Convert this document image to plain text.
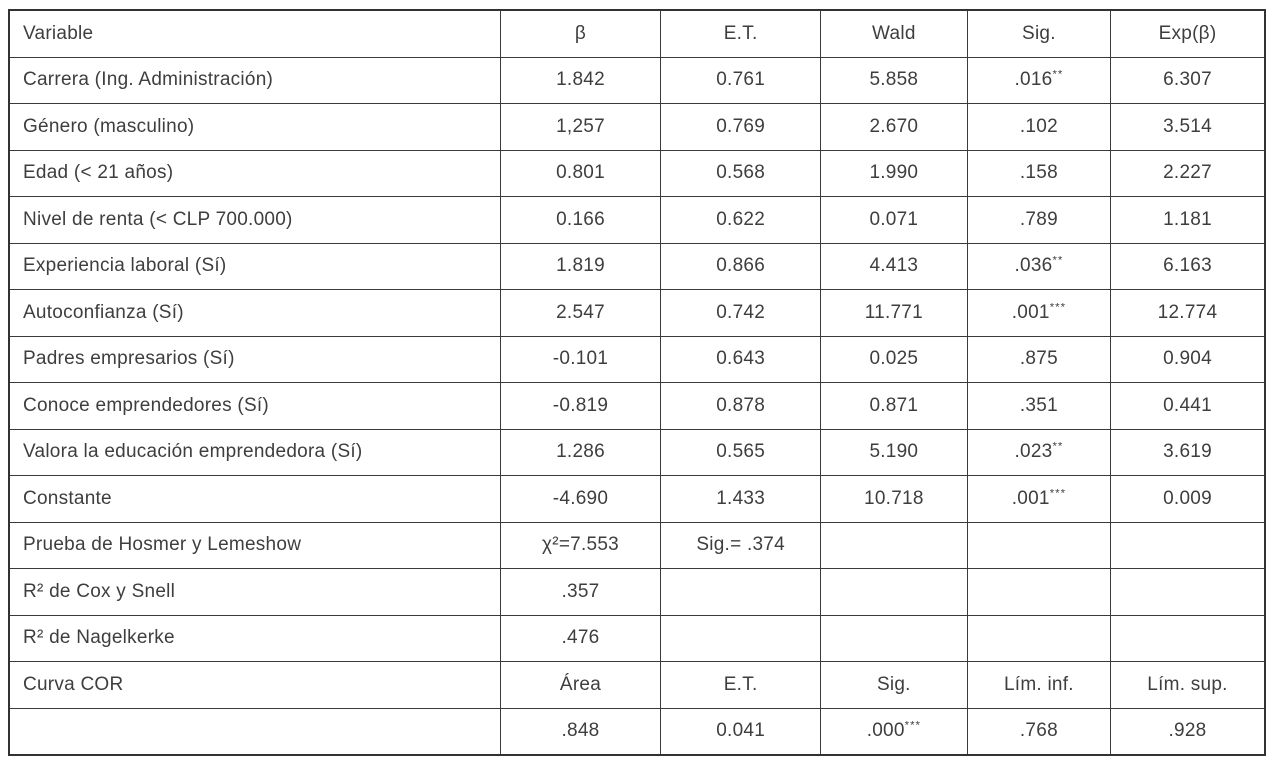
Variable	β	E.T.	Wald	Sig.	Exp(β)
Carrera (Ing. Administración)	1.842	0.761	5.858	.016**	6.307
Género (masculino)	1,257	0.769	2.670	.102	3.514
Edad (< 21 años)	0.801	0.568	1.990	.158	2.227
Nivel de renta (< CLP 700.000)	0.166	0.622	0.071	.789	1.181
Experiencia laboral (Sí)	1.819	0.866	4.413	.036**	6.163
Autoconfianza (Sí)	2.547	0.742	11.771	.001***	12.774
Padres empresarios (Sí)	-0.101	0.643	0.025	.875	0.904
Conoce emprendedores (Sí)	-0.819	0.878	0.871	.351	0.441
Valora la educación emprendedora (Sí)	1.286	0.565	5.190	.023**	3.619
Constante	-4.690	1.433	10.718	.001***	0.009
Prueba de Hosmer y Lemeshow	χ²=7.553	Sig.= .374			
R² de Cox y Snell	.357				
R² de Nagelkerke	.476				
Curva COR	Área	E.T.	Sig.	Lím. inf.	Lím. sup.
	.848	0.041	.000***	.768	.928
